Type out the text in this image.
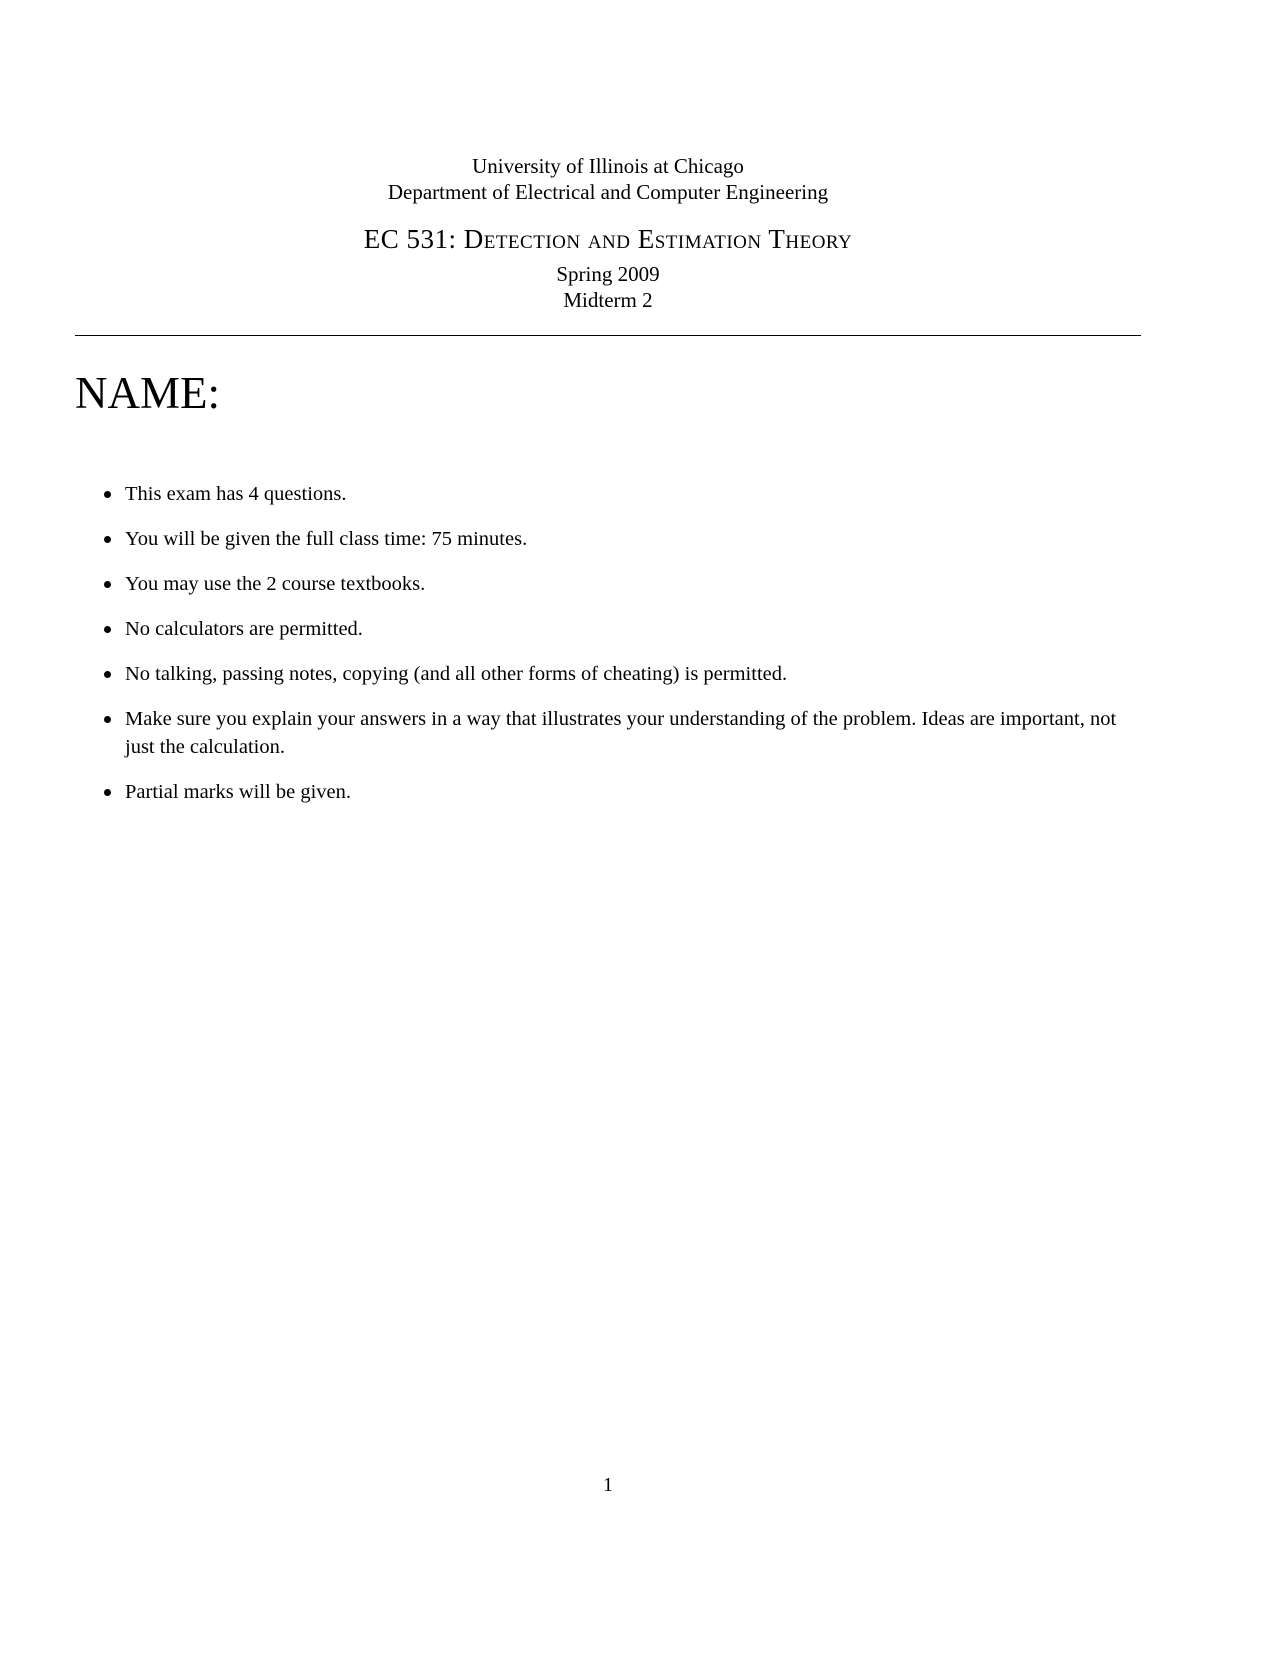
University of Illinois at Chicago
Department of Electrical and Computer Engineering
EC 531: Detection and Estimation Theory
Spring 2009
Midterm 2
NAME:
This exam has 4 questions.
You will be given the full class time: 75 minutes.
You may use the 2 course textbooks.
No calculators are permitted.
No talking, passing notes, copying (and all other forms of cheating) is permitted.
Make sure you explain your answers in a way that illustrates your understanding of the problem. Ideas are important, not just the calculation.
Partial marks will be given.
1
